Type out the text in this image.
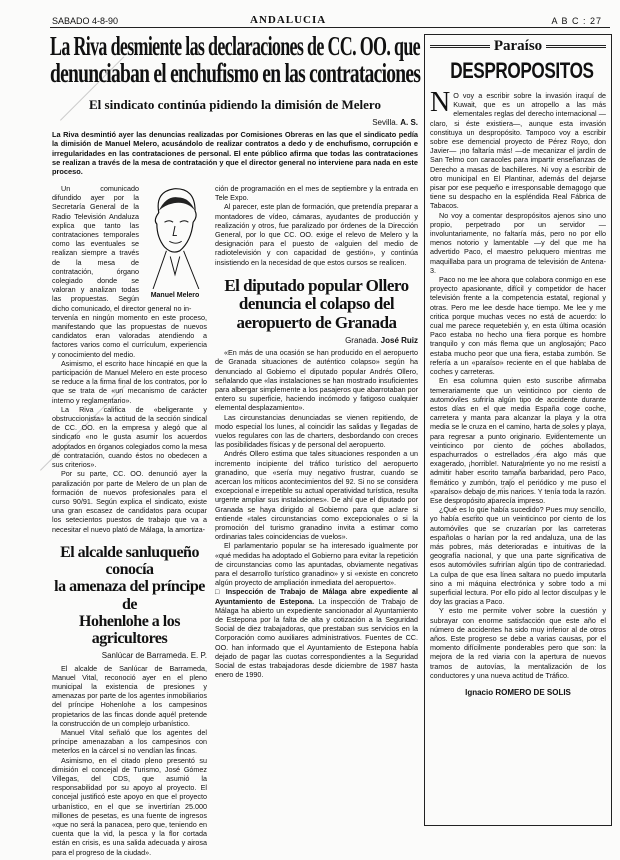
SABADO 4-8-90	ANDALUCIA	A B C : 27
La Riva desmiente las declaraciones de CC. OO. que
denunciaban el enchufismo en las contrataciones
El sindicato continúa pidiendo la dimisión de Melero
Sevilla. A. S.
La Riva desmintió ayer las denuncias realizadas por Comisiones Obreras en las que el sindicato pedía la dimisión de Manuel Melero, acusándolo de realizar contratos a dedo y de enchufismo, corrupción e irregularidades en las contrataciones de personal. El ente público afirma que todas las contrataciones se realizan a través de la mesa de contratación y que el director general no interviene para nada en este proceso.
Manuel Melero

Un comunicado difundido ayer por la Secretaría General de la Radio Televisión Andaluza explica que tanto las contrataciones temporales como las eventuales se realizan siempre a través de la mesa de contratación, órgano colegiado donde se valoran y analizan todas las propuestas. Según dicho comunicado, el director general no in-

tervenía en ningún momento en este proceso, manifestando que las propuestas de nuevos candidatos eran valoradas atendiendo a factores varios como el currículum, experiencia y conocimiento del medio.

Asimismo, el escrito hace hincapié en que la participación de Manuel Melero en este proceso se reduce a la firma final de los contratos, por lo que se trata de «un mecanismo de carácter interno y reglamentario».

La Riva califica de «beligerante y obstruccionista» la actitud de la sección sindical de CC. OO. en la empresa y alegó que al sindicato «no le gusta asumir los acuerdos adoptados en órganos colegiados como la mesa de contratación, cuando éstos no obedecen a sus criterios».

Por su parte, CC. OO. denunció ayer la paralización por parte de Melero de un plan de formación de nuevos profesionales para el curso 90/91. Según explica el sindicato, existe una gran escasez de candidatos para ocupar los setecientos puestos de trabajo que va a necesitar el nuevo plató de Málaga, la amortiza-

El alcalde sanluqueño conocía
la amenaza del príncipe de
Hohenlohe a los agricultores
Sanlúcar de Barrameda. E. P.

El alcalde de Sanlúcar de Barrameda, Manuel Vital, reconoció ayer en el pleno municipal la existencia de presiones y amenazas por parte de los agentes inmobiliarios del príncipe Hohenlohe a los campesinos propietarios de las fincas donde aquél pretende la construcción de un complejo urbanístico.

Manuel Vital señaló que los agentes del príncipe amenazaban a los campesinos con meterlos en la cárcel si no vendían las fincas.

Asimismo, en el citado pleno presentó su dimisión el concejal de Turismo, José Gómez Villegas, del CDS, que asumió la responsabilidad por su apoyo al proyecto. El concejal justificó este apoyo en que el proyecto urbanístico, en el que se invertirían 25.000 millones de pesetas, es una fuente de ingresos «que no será la panacea, pero que, teniendo en cuenta que la vid, la pesca y la flor cortada están en crisis, es una salida adecuada y airosa para el progreso de la ciudad».

ción de programación en el mes de septiembre y la entrada en Tele Expo.

Al parecer, este plan de formación, que pretendía preparar a montadores de vídeo, cámaras, ayudantes de producción y realización y otros, fue paralizado por órdenes de la Dirección General, por lo que CC. OO. exige el relevo de Melero y la designación para el puesto de «alguien del medio de radiotelevisión y con capacidad de gestión», y continúa insistiendo en la necesidad de que estos cursos se realicen.

El diputado popular Ollero
denuncia el colapso del
aeropuerto de Granada
Granada. José Ruiz

«En más de una ocasión se han producido en el aeropuerto de Granada situaciones de auténtico colapso» según ha denunciado al Gobierno el diputado popular Andrés Ollero, señalando que «las instalaciones se han mostrado insuficientes para albergar simplemente a los pasajeros que abarrotaban por entero su superficie, haciendo incómodo y fatigoso cualquier elemental desplazamiento».

Las circunstancias denunciadas se vienen repitiendo, de modo especial los lunes, al coincidir las salidas y llegadas de vuelos regulares con las de charters, desbordando con creces las posibilidades físicas y de personal del aeropuerto.

Andrés Ollero estima que tales situaciones responden a un incremento incipiente del tráfico turístico del aeropuerto granadino, que «sería muy negativo frustrar, cuando se acercan los míticos acontecimientos del 92. Si no se considera excepcional e irrepetible su actual operatividad turística, resulta urgente ampliar sus instalaciones». De ahí que el diputado por Granada se haya dirigido al Gobierno para que aclare si entiende «tales circunstancias como excepcionales o si la promoción del turismo granadino invita a estimar como ordinarias tales coincidencias de vuelos».

El parlamentario popular se ha interesado igualmente por «qué medidas ha adoptado el Gobierno para evitar la repetición de circunstancias como las apuntadas, obviamente negativas para el desarrollo turístico granadino» y si «existe en concreto algún proyecto de ampliación inmediata del aeropuerto».

□ Inspección de Trabajo de Málaga abre expediente al Ayuntamiento de Estepona. La inspección de Trabajo de Málaga ha abierto un expediente sancionador al Ayuntamiento de Estepona por la falta de alta y cotización a la Seguridad Social de diez trabajadoras, que prestaban sus servicios en la Corporación como auxiliares administrativos. Fuentes de CC. OO. han informado que el Ayuntamiento de Estepona había dejado de pagar las cuotas correspondientes a la Seguridad Social de estas trabajadoras desde diciembre de 1987 hasta enero de 1990.

Paraíso
DESPROPOSITOS

N O voy a escribir sobre la invasión iraquí de Kuwait, que es un atropello a las más elementales reglas del derecho internacional —claro, si éste existiera—, aunque esta invasión constituya un despropósito. Tampoco voy a escribir sobre ese demencial proyecto de Pérez Royo, don Javier— ¡no faltaría más! —de mecanizar el jardín de San Telmo con caracoles para impartir enseñanzas de Derecho a masas de bachilleres. Ni voy a escribir de otro municipal en El Plantinar, además del dejarse pisar por ese pequeño e irresponsable demagogo que tiene su despacho en la espléndida Real Fábrica de Tabacos.

No voy a comentar despropósitos ajenos sino uno propio, perpetrado por un servidor —involuntariamente, no faltaría más, pero no por ello menos notorio y lamentable —y del que me ha advertido Paco, el maestro peluquero mientras me maquillaba para un programa de televisión de Antena-3.

Paco no me lee ahora que colabora conmigo en ese proyecto apasionante, difícil y competidor de hacer televisión frente a la competencia estatal, regional y otras. Pero me lee desde hace tiempo. Me lee y me critica porque muchas veces no está de acuerdo: lo cual me parece requetebién y, en esta última ocasión Paco estaba no hecho una fiera porque es hombre tranquilo y con más flema que un anglosajón; Paco estaba mucho peor que una fiera, estaba zumbón. Se refería a un «paraíso» reciente en el que hablaba de coches y carreteras.

En esa columna quien esto suscribe afirmaba temerariamente que un veinticinco por ciento de automóviles sufriría algún tipo de accidente durante estos días en el que media España coge coche, carretera y manta para alcanzar la playa y la otra media se le cruza en el camino, harta de soles y playa, para regresar a punto originario. Evidentemente un veinticinco por ciento de coches abollados, espachurrados o estrellados era algo más que exagerado, ¡horrible!. Naturalmente yo no me resistí a admitir haber escrito tamaña barbaridad, pero Paco, flemático y zumbón, trajo el periódico y me puso el «paraíso» debajo de mis narices. Y tenía toda la razón. Ese despropósito aparecía impreso.

¿Qué es lo que había sucedido? Pues muy sencillo, yo había escrito que un veinticinco por ciento de los automóviles que se cruzarían por las carreteras españolas o harían por la red andaluza, una de las más pobres, más deterioradas e intuitivas de la geografía nacional, y que una parte significativa de esos automóviles sufrirían algún tipo de contrariedad. La culpa de que esa línea saltara no puedo imputarla sino a mi máquina electrónica y sobre todo a mi superficial lectura. Por ello pido al lector disculpas y le doy las gracias a Paco.

Y esto me permite volver sobre la cuestión y subrayar con enorme satisfacción que este año el número de accidentes ha sido muy inferior al de otros años. Este progreso se debe a varias causas, por el momento difícilmente ponderables pero que son: la mejora de la red viaria con la apertura de nuevos tramos de autovías, la mentalización de los conductores y una nueva actitud de Tráfico.

Ignacio ROMERO DE SOLIS
